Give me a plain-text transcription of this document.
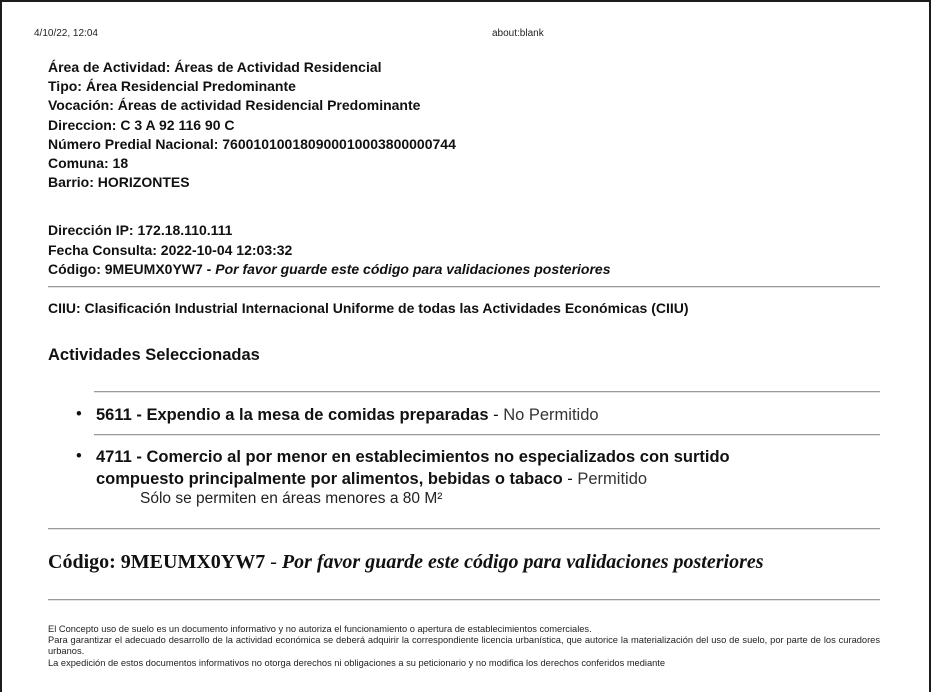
4/10/22, 12:04	about:blank
Área de Actividad: Áreas de Actividad Residencial
Tipo: Área Residencial Predominante
Vocación: Áreas de actividad Residencial Predominante
Direccion: C 3 A 92 116 90 C
Número Predial Nacional: 760010100180900010003800000744
Comuna: 18
Barrio: HORIZONTES
Dirección IP: 172.18.110.111
Fecha Consulta: 2022-10-04 12:03:32
Código: 9MEUMX0YW7 - Por favor guarde este código para validaciones posteriores
CIIU: Clasificación Industrial Internacional Uniforme de todas las Actividades Económicas (CIIU)
Actividades Seleccionadas
• 5611 - Expendio a la mesa de comidas preparadas - No Permitido
• 4711 - Comercio al por menor en establecimientos no especializados con surtido
compuesto principalmente por alimentos, bebidas o tabaco - Permitido
Sólo se permiten en áreas menores a 80 M²
Código: 9MEUMX0YW7 - Por favor guarde este código para validaciones posteriores

El Concepto uso de suelo es un documento informativo y no autoriza el funcionamiento o apertura de establecimientos comerciales.

Para garantizar el adecuado desarrollo de la actividad económica se deberá adquirir la correspondiente licencia urbanística, que autorice la materialización del uso de suelo, por parte de los curadores urbanos.

La expedición de estos documentos informativos no otorga derechos ni obligaciones a su peticionario y no modifica los derechos conferidos mediante
